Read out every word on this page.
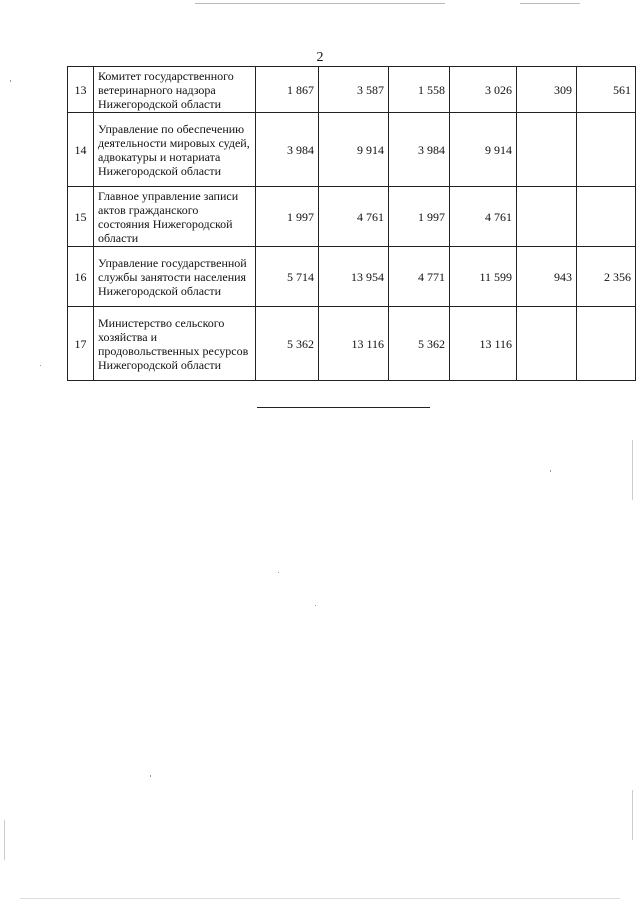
2
13	Комитет государственного ветеринарного надзора Нижегородской области	1 867	3 587	1 558	3 026	309	561
14	Управление по обеспечению деятельности мировых судей, адвокатуры и нотариата Нижегородской области	3 984	9 914	3 984	9 914		
15	Главное управление записи актов гражданского состояния Нижегородской области	1 997	4 761	1 997	4 761		
16	Управление государственной службы занятости населения Нижегородской области	5 714	13 954	4 771	11 599	943	2 356
17	Министерство сельского хозяйства и продовольственных ресурсов Нижегородской области	5 362	13 116	5 362	13 116		
